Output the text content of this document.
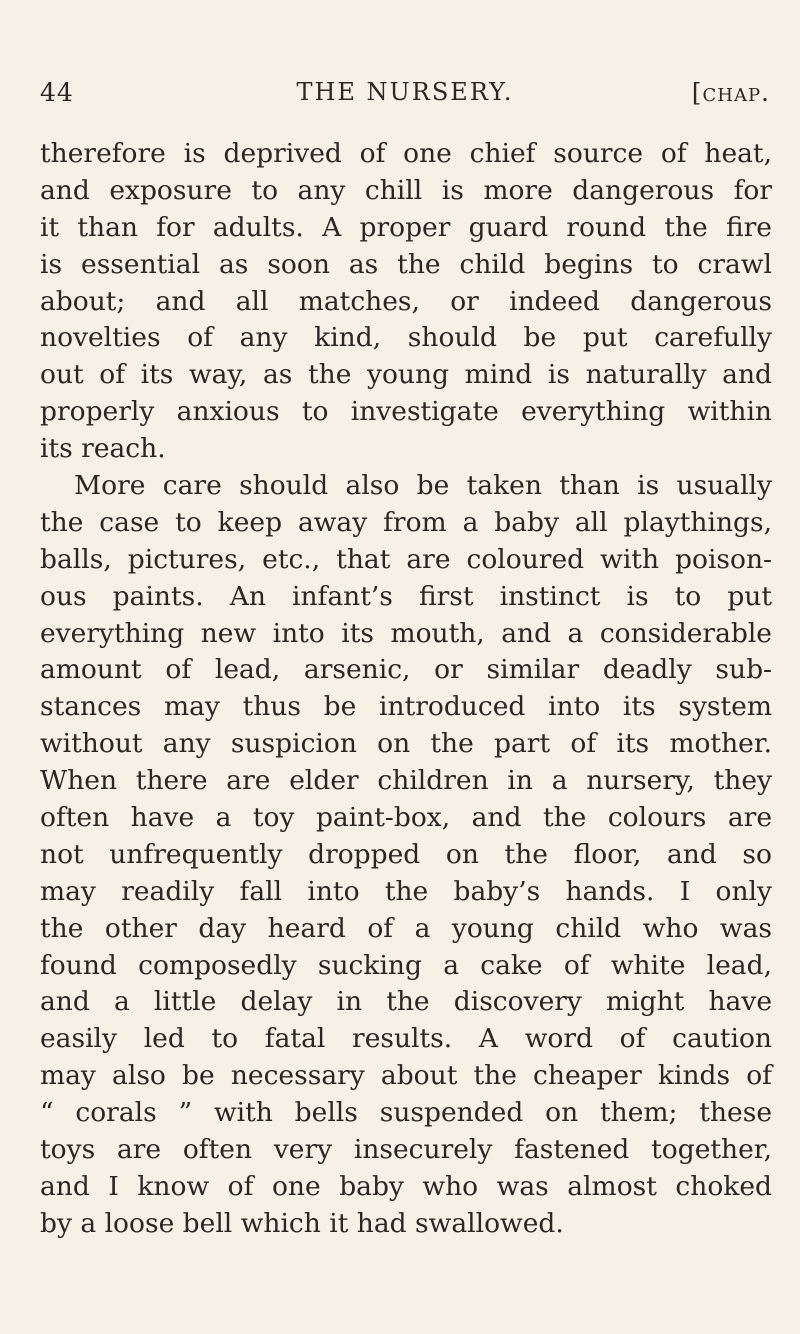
44	THE NURSERY.	[chap.
therefore is deprived of one chief source of heat,
and exposure to any chill is more dangerous for
it than for adults. A proper guard round the fire
is essential as soon as the child begins to crawl
about; and all matches, or indeed dangerous
novelties of any kind, should be put carefully
out of its way, as the young mind is naturally and
properly anxious to investigate everything within
its reach.
More care should also be taken than is usually
the case to keep away from a baby all playthings,
balls, pictures, etc., that are coloured with poison-
ous paints. An infant’s first instinct is to put
everything new into its mouth, and a considerable
amount of lead, arsenic, or similar deadly sub-
stances may thus be introduced into its system
without any suspicion on the part of its mother.
When there are elder children in a nursery, they
often have a toy paint-box, and the colours are
not unfrequently dropped on the floor, and so
may readily fall into the baby’s hands. I only
the other day heard of a young child who was
found composedly sucking a cake of white lead,
and a little delay in the discovery might have
easily led to fatal results. A word of caution
may also be necessary about the cheaper kinds of
“ corals ” with bells suspended on them; these
toys are often very insecurely fastened together,
and I know of one baby who was almost choked
by a loose bell which it had swallowed.
